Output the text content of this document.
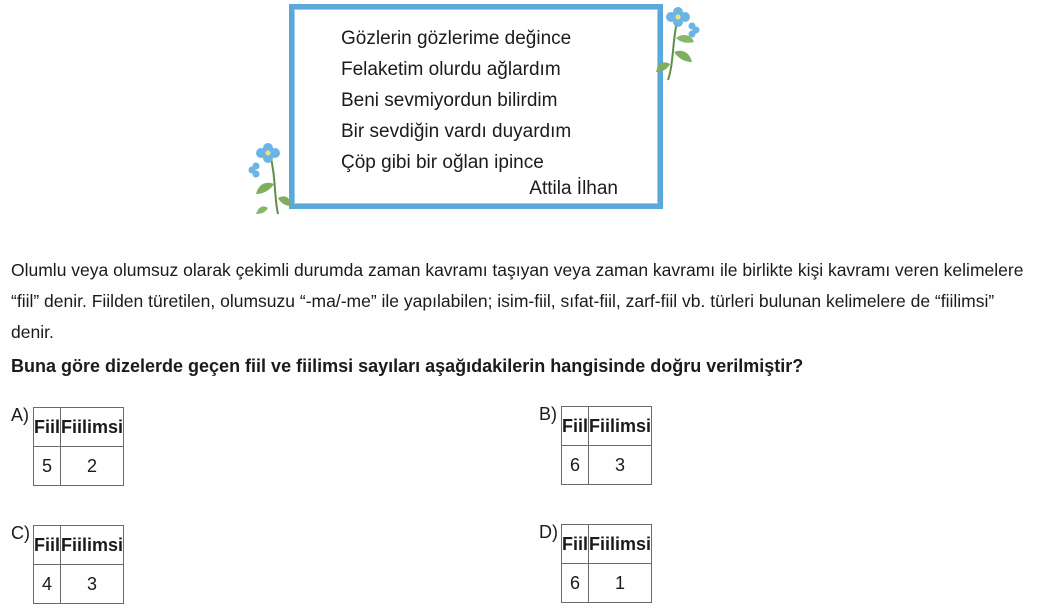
Gözlerin gözlerime değince
Felaketim olurdu ağlardım
Beni sevmiyordun bilirdim
Bir sevdiğin vardı duyardım
Çöp gibi bir oğlan ipince
Attila İlhan

Olumlu veya olumsuz olarak çekimli durumda zaman kavramı taşıyan veya zaman kavramı ile birlikte kişi kavramı veren kelimelere “fiil” denir. Fiilden türetilen, olumsuzu “-ma/-me” ile yapılabilen; isim-fiil, sıfat-fiil, zarf-fiil vb. türleri bulunan kelimelere de “fiilimsi” denir.

Buna göre dizelerde geçen fiil ve fiilimsi sayıları aşağıdakilerin hangisinde doğru verilmiştir?

A)
Fiil	Fiilimsi
5	2
B)
Fiil	Fiilimsi
6	3
C)
Fiil	Fiilimsi
4	3
D)
Fiil	Fiilimsi
6	1
